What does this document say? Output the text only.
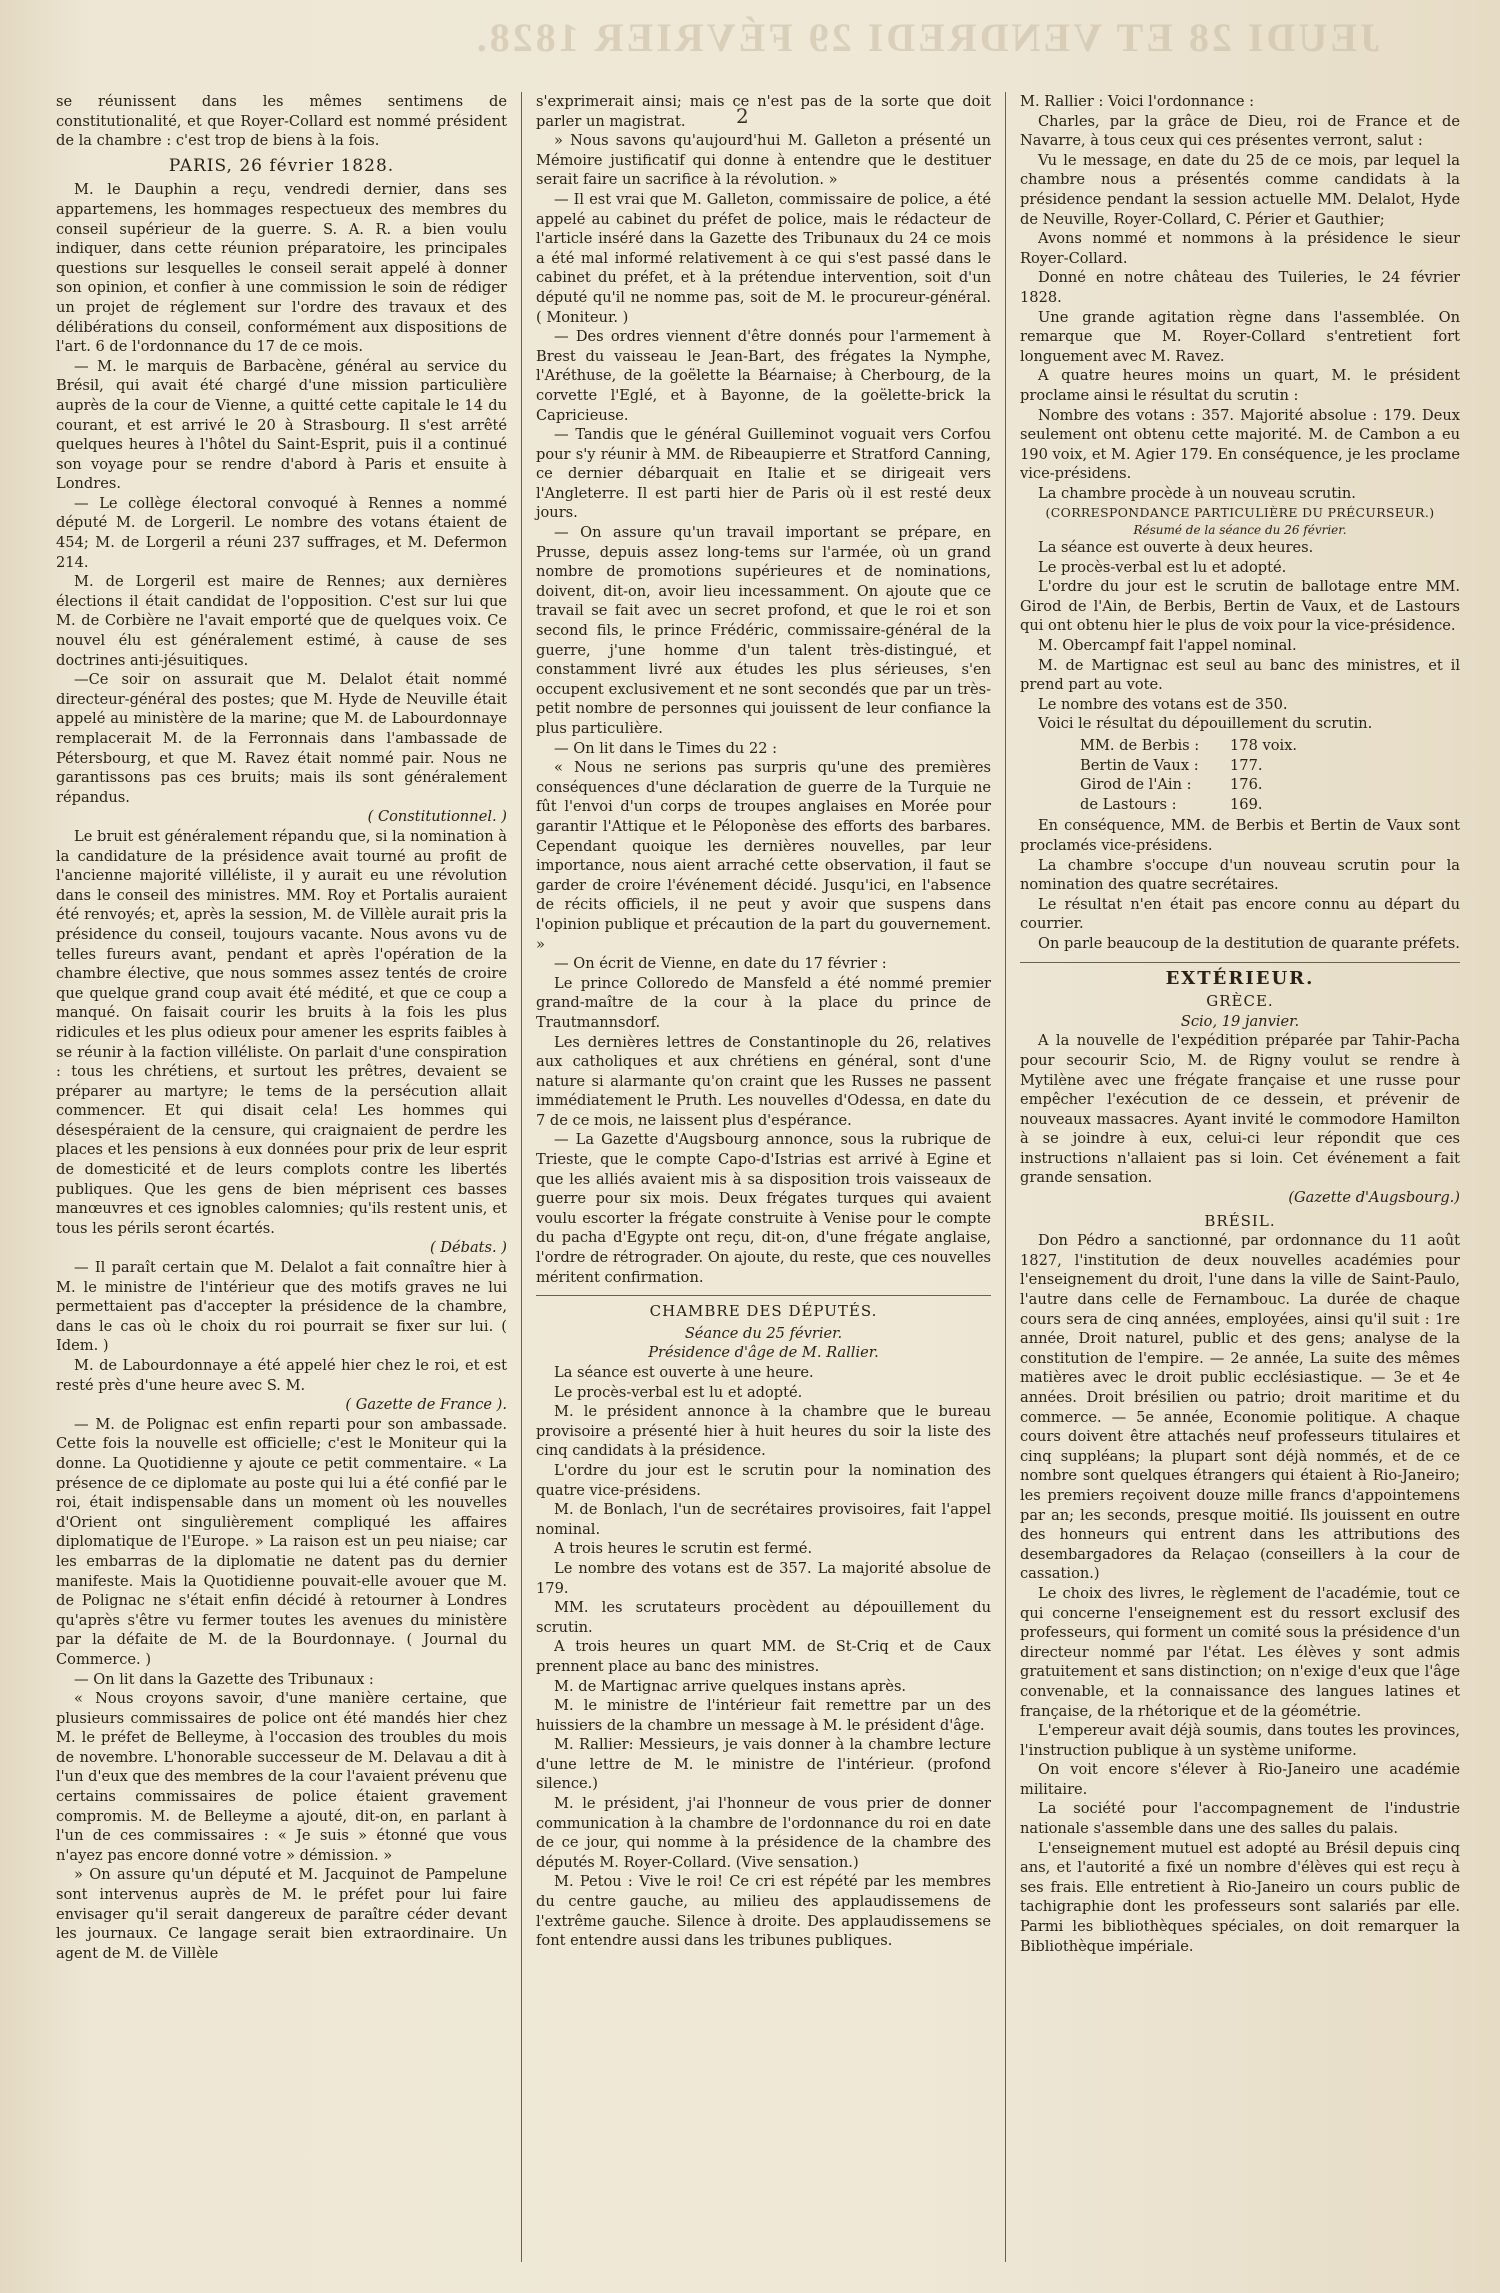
JEUDI 28 ET VENDREDI 29 FÉVRIER 1828.
2

se réunissent dans les mêmes sentimens de constitutionalité, et que Royer-Collard est nommé président de la chambre : c'est trop de biens à la fois.

PARIS, 26 février 1828.

M. le Dauphin a reçu, vendredi dernier, dans ses appartemens, les hommages respectueux des membres du conseil supérieur de la guerre. S. A. R. a bien voulu indiquer, dans cette réunion préparatoire, les principales questions sur lesquelles le conseil serait appelé à donner son opinion, et confier à une commission le soin de rédiger un projet de réglement sur l'ordre des travaux et des délibérations du conseil, conformément aux dispositions de l'art. 6 de l'ordonnance du 17 de ce mois.

— M. le marquis de Barbacène, général au service du Brésil, qui avait été chargé d'une mission particulière auprès de la cour de Vienne, a quitté cette capitale le 14 du courant, et est arrivé le 20 à Strasbourg. Il s'est arrêté quelques heures à l'hôtel du Saint-Esprit, puis il a continué son voyage pour se rendre d'abord à Paris et ensuite à Londres.

— Le collège électoral convoqué à Rennes a nommé député M. de Lorgeril. Le nombre des votans étaient de 454; M. de Lorgeril a réuni 237 suffrages, et M. Defermon 214.

M. de Lorgeril est maire de Rennes; aux dernières élections il était candidat de l'opposition. C'est sur lui que M. de Corbière ne l'avait emporté que de quelques voix. Ce nouvel élu est généralement estimé, à cause de ses doctrines anti-jésuitiques.

—Ce soir on assurait que M. Delalot était nommé directeur-général des postes; que M. Hyde de Neuville était appelé au ministère de la marine; que M. de Labourdonnaye remplacerait M. de la Ferronnais dans l'ambassade de Pétersbourg, et que M. Ravez était nommé pair. Nous ne garantissons pas ces bruits; mais ils sont généralement répandus.

( Constitutionnel. )

Le bruit est généralement répandu que, si la nomination à la candidature de la présidence avait tourné au profit de l'ancienne majorité villéliste, il y aurait eu une révolution dans le conseil des ministres. MM. Roy et Portalis auraient été renvoyés; et, après la session, M. de Villèle aurait pris la présidence du conseil, toujours vacante. Nous avons vu de telles fureurs avant, pendant et après l'opération de la chambre élective, que nous sommes assez tentés de croire que quelque grand coup avait été médité, et que ce coup a manqué. On faisait courir les bruits à la fois les plus ridicules et les plus odieux pour amener les esprits faibles à se réunir à la faction villéliste. On parlait d'une conspiration : tous les chrétiens, et surtout les prêtres, devaient se préparer au martyre; le tems de la persécution allait commencer. Et qui disait cela! Les hommes qui désespéraient de la censure, qui craignaient de perdre les places et les pensions à eux données pour prix de leur esprit de domesticité et de leurs complots contre les libertés publiques. Que les gens de bien méprisent ces basses manœuvres et ces ignobles calomnies; qu'ils restent unis, et tous les périls seront écartés.

( Débats. )

— Il paraît certain que M. Delalot a fait connaître hier à M. le ministre de l'intérieur que des motifs graves ne lui permettaient pas d'accepter la présidence de la chambre, dans le cas où le choix du roi pourrait se fixer sur lui. ( Idem. )

M. de Labourdonnaye a été appelé hier chez le roi, et est resté près d'une heure avec S. M.

( Gazette de France ).

— M. de Polignac est enfin reparti pour son ambassade. Cette fois la nouvelle est officielle; c'est le Moniteur qui la donne. La Quotidienne y ajoute ce petit commentaire. « La présence de ce diplomate au poste qui lui a été confié par le roi, était indispensable dans un moment où les nouvelles d'Orient ont singulièrement compliqué les affaires diplomatique de l'Europe. » La raison est un peu niaise; car les embarras de la diplomatie ne datent pas du dernier manifeste. Mais la Quotidienne pouvait-elle avouer que M. de Polignac ne s'était enfin décidé à retourner à Londres qu'après s'être vu fermer toutes les avenues du ministère par la défaite de M. de la Bourdonnaye. ( Journal du Commerce. )

— On lit dans la Gazette des Tribunaux :

« Nous croyons savoir, d'une manière certaine, que plusieurs commissaires de police ont été mandés hier chez M. le préfet de Belleyme, à l'occasion des troubles du mois de novembre. L'honorable successeur de M. Delavau a dit à l'un d'eux que des membres de la cour l'avaient prévenu que certains commissaires de police étaient gravement compromis. M. de Belleyme a ajouté, dit-on, en parlant à l'un de ces commissaires : « Je suis » étonné que vous n'ayez pas encore donné votre » démission. »

» On assure qu'un député et M. Jacquinot de Pampelune sont intervenus auprès de M. le préfet pour lui faire envisager qu'il serait dangereux de paraître céder devant les journaux. Ce langage serait bien extraordinaire. Un agent de M. de Villèle

s'exprimerait ainsi; mais ce n'est pas de la sorte que doit parler un magistrat.

» Nous savons qu'aujourd'hui M. Galleton a présenté un Mémoire justificatif qui donne à entendre que le destituer serait faire un sacrifice à la révolution. »

— Il est vrai que M. Galleton, commissaire de police, a été appelé au cabinet du préfet de police, mais le rédacteur de l'article inséré dans la Gazette des Tribunaux du 24 ce mois a été mal informé relativement à ce qui s'est passé dans le cabinet du préfet, et à la prétendue intervention, soit d'un député qu'il ne nomme pas, soit de M. le procureur-général. ( Moniteur. )

— Des ordres viennent d'être donnés pour l'armement à Brest du vaisseau le Jean-Bart, des frégates la Nymphe, l'Aréthuse, de la goëlette la Béarnaise; à Cherbourg, de la corvette l'Eglé, et à Bayonne, de la goëlette-brick la Capricieuse.

— Tandis que le général Guilleminot voguait vers Corfou pour s'y réunir à MM. de Ribeaupierre et Stratford Canning, ce dernier débarquait en Italie et se dirigeait vers l'Angleterre. Il est parti hier de Paris où il est resté deux jours.

— On assure qu'un travail important se prépare, en Prusse, depuis assez long-tems sur l'armée, où un grand nombre de promotions supérieures et de nominations, doivent, dit-on, avoir lieu incessamment. On ajoute que ce travail se fait avec un secret profond, et que le roi et son second fils, le prince Frédéric, commissaire-général de la guerre, j'une homme d'un talent très-distingué, et constamment livré aux études les plus sérieuses, s'en occupent exclusivement et ne sont secondés que par un très-petit nombre de personnes qui jouissent de leur confiance la plus particulière.

— On lit dans le Times du 22 :

« Nous ne serions pas surpris qu'une des premières conséquences d'une déclaration de guerre de la Turquie ne fût l'envoi d'un corps de troupes anglaises en Morée pour garantir l'Attique et le Péloponèse des efforts des barbares. Cependant quoique les dernières nouvelles, par leur importance, nous aient arraché cette observation, il faut se garder de croire l'événement décidé. Jusqu'ici, en l'absence de récits officiels, il ne peut y avoir que suspens dans l'opinion publique et précaution de la part du gouvernement. »

— On écrit de Vienne, en date du 17 février :

Le prince Colloredo de Mansfeld a été nommé premier grand-maître de la cour à la place du prince de Trautmannsdorf.

Les dernières lettres de Constantinople du 26, relatives aux catholiques et aux chrétiens en général, sont d'une nature si alarmante qu'on craint que les Russes ne passent immédiatement le Pruth. Les nouvelles d'Odessa, en date du 7 de ce mois, ne laissent plus d'espérance.

— La Gazette d'Augsbourg annonce, sous la rubrique de Trieste, que le compte Capo-d'Istrias est arrivé à Egine et que les alliés avaient mis à sa disposition trois vaisseaux de guerre pour six mois. Deux frégates turques qui avaient voulu escorter la frégate construite à Venise pour le compte du pacha d'Egypte ont reçu, dit-on, d'une frégate anglaise, l'ordre de rétrograder. On ajoute, du reste, que ces nouvelles méritent confirmation.

CHAMBRE DES DÉPUTÉS.
Séance du 25 février.
Présidence d'âge de M. Rallier.

La séance est ouverte à une heure.

Le procès-verbal est lu et adopté.

M. le président annonce à la chambre que le bureau provisoire a présenté hier à huit heures du soir la liste des cinq candidats à la présidence.

L'ordre du jour est le scrutin pour la nomination des quatre vice-présidens.

M. de Bonlach, l'un de secrétaires provisoires, fait l'appel nominal.

A trois heures le scrutin est fermé.

Le nombre des votans est de 357. La majorité absolue de 179.

MM. les scrutateurs procèdent au dépouillement du scrutin.

A trois heures un quart MM. de St-Criq et de Caux prennent place au banc des ministres.

M. de Martignac arrive quelques instans après.

M. le ministre de l'intérieur fait remettre par un des huissiers de la chambre un message à M. le président d'âge.

M. Rallier: Messieurs, je vais donner à la chambre lecture d'une lettre de M. le ministre de l'intérieur. (profond silence.)

M. le président, j'ai l'honneur de vous prier de donner communication à la chambre de l'ordonnance du roi en date de ce jour, qui nomme à la présidence de la chambre des députés M. Royer-Collard. (Vive sensation.)

M. Petou : Vive le roi! Ce cri est répété par les membres du centre gauche, au milieu des applaudissemens de l'extrême gauche. Silence à droite. Des applaudissemens se font entendre aussi dans les tribunes publiques.

M. Rallier : Voici l'ordonnance :

Charles, par la grâce de Dieu, roi de France et de Navarre, à tous ceux qui ces présentes verront, salut :

Vu le message, en date du 25 de ce mois, par lequel la chambre nous a présentés comme candidats à la présidence pendant la session actuelle MM. Delalot, Hyde de Neuville, Royer-Collard, C. Périer et Gauthier;

Avons nommé et nommons à la présidence le sieur Royer-Collard.

Donné en notre château des Tuileries, le 24 février 1828.

Une grande agitation règne dans l'assemblée. On remarque que M. Royer-Collard s'entretient fort longuement avec M. Ravez.

A quatre heures moins un quart, M. le président proclame ainsi le résultat du scrutin :

Nombre des votans : 357. Majorité absolue : 179. Deux seulement ont obtenu cette majorité. M. de Cambon a eu 190 voix, et M. Agier 179. En conséquence, je les proclame vice-présidens.

La chambre procède à un nouveau scrutin.

(CORRESPONDANCE PARTICULIÈRE DU PRÉCURSEUR.)
Résumé de la séance du 26 février.

La séance est ouverte à deux heures.

Le procès-verbal est lu et adopté.

L'ordre du jour est le scrutin de ballotage entre MM. Girod de l'Ain, de Berbis, Bertin de Vaux, et de Lastours qui ont obtenu hier le plus de voix pour la vice-présidence.

M. Obercampf fait l'appel nominal.

M. de Martignac est seul au banc des ministres, et il prend part au vote.

Le nombre des votans est de 350.

Voici le résultat du dépouillement du scrutin.

MM. de Berbis :	178 voix.
Bertin de Vaux :	177.
Girod de l'Ain :	176.
de Lastours :	169.

En conséquence, MM. de Berbis et Bertin de Vaux sont proclamés vice-présidens.

La chambre s'occupe d'un nouveau scrutin pour la nomination des quatre secrétaires.

Le résultat n'en était pas encore connu au départ du courrier.

On parle beaucoup de la destitution de quarante préfets.

EXTÉRIEUR.
GRÈCE.
Scio, 19 janvier.

A la nouvelle de l'expédition préparée par Tahir-Pacha pour secourir Scio, M. de Rigny voulut se rendre à Mytilène avec une frégate française et une russe pour empêcher l'exécution de ce dessein, et prévenir de nouveaux massacres. Ayant invité le commodore Hamilton à se joindre à eux, celui-ci leur répondit que ces instructions n'allaient pas si loin. Cet événement a fait grande sensation.

(Gazette d'Augsbourg.)
BRÉSIL.

Don Pédro a sanctionné, par ordonnance du 11 août 1827, l'institution de deux nouvelles académies pour l'enseignement du droit, l'une dans la ville de Saint-Paulo, l'autre dans celle de Fernambouc. La durée de chaque cours sera de cinq années, employées, ainsi qu'il suit : 1re année, Droit naturel, public et des gens; analyse de la constitution de l'empire. — 2e année, La suite des mêmes matières avec le droit public ecclésiastique. — 3e et 4e années. Droit brésilien ou patrio; droit maritime et du commerce. — 5e année, Economie politique. A chaque cours doivent être attachés neuf professeurs titulaires et cinq suppléans; la plupart sont déjà nommés, et de ce nombre sont quelques étrangers qui étaient à Rio-Janeiro; les premiers reçoivent douze mille francs d'appointemens par an; les seconds, presque moitié. Ils jouissent en outre des honneurs qui entrent dans les attributions des desembargadores da Relaçao (conseillers à la cour de cassation.)

Le choix des livres, le règlement de l'académie, tout ce qui concerne l'enseignement est du ressort exclusif des professeurs, qui forment un comité sous la présidence d'un directeur nommé par l'état. Les élèves y sont admis gratuitement et sans distinction; on n'exige d'eux que l'âge convenable, et la connaissance des langues latines et française, de la rhétorique et de la géométrie.

L'empereur avait déjà soumis, dans toutes les provinces, l'instruction publique à un système uniforme.

On voit encore s'élever à Rio-Janeiro une académie militaire.

La société pour l'accompagnement de l'industrie nationale s'assemble dans une des salles du palais.

L'enseignement mutuel est adopté au Brésil depuis cinq ans, et l'autorité a fixé un nombre d'élèves qui est reçu à ses frais. Elle entretient à Rio-Janeiro un cours public de tachigraphie dont les professeurs sont salariés par elle. Parmi les bibliothèques spéciales, on doit remarquer la Bibliothèque impériale.
